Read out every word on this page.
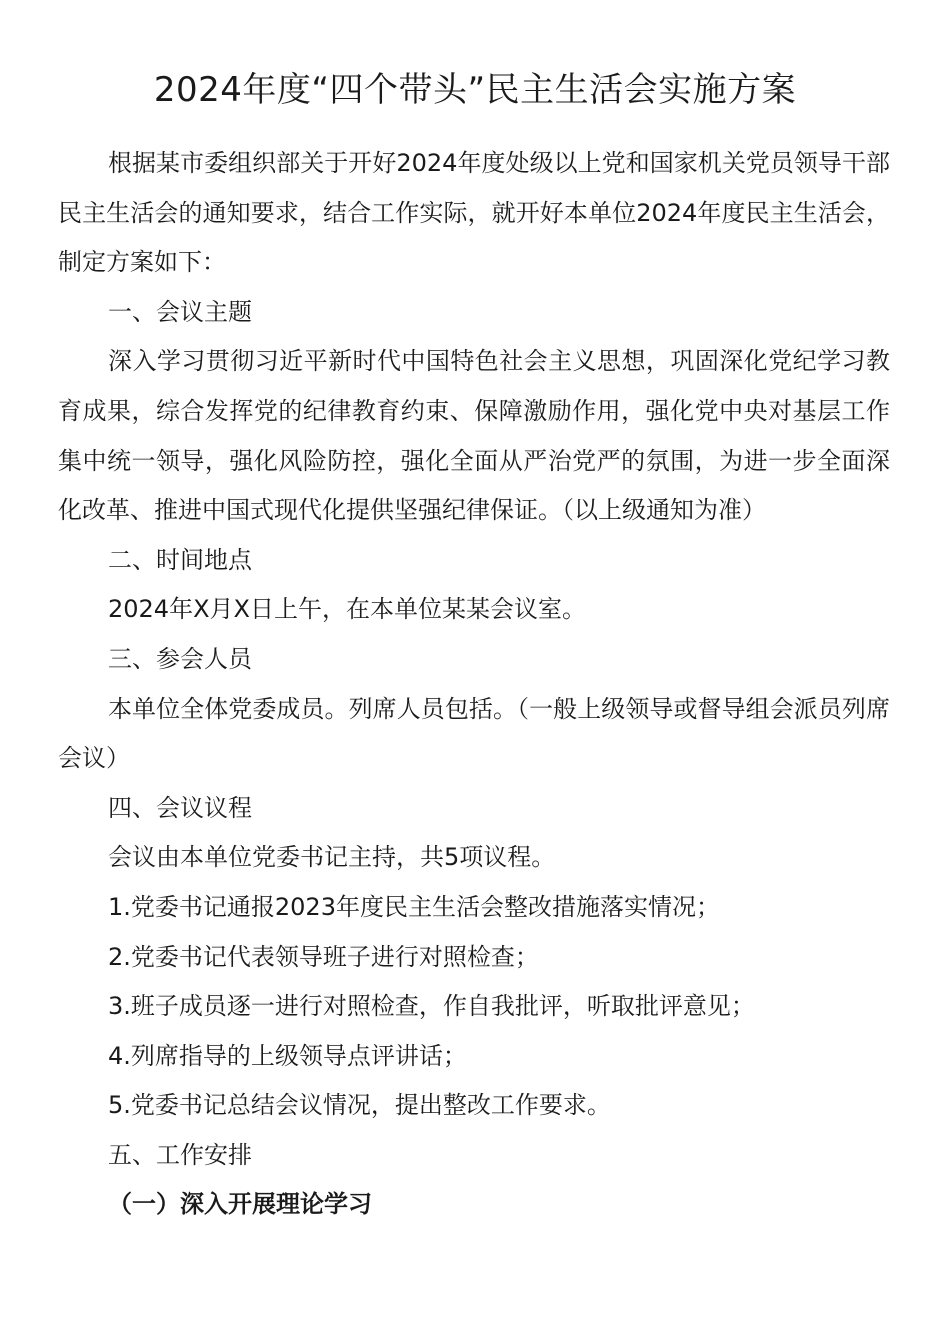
2024年度“四个带头”民主生活会实施方案

根据某市委组织部关于开好2024年度处级以上党和国家机关党员领导干部民主生活会的通知要求，结合工作实际，就开好本单位2024年度民主生活会，制定方案如下：

一、会议主题

深入学习贯彻习近平新时代中国特色社会主义思想，巩固深化党纪学习教育成果，综合发挥党的纪律教育约束、保障激励作用，强化党中央对基层工作集中统一领导，强化风险防控，强化全面从严治党严的氛围，为进一步全面深化改革、推进中国式现代化提供坚强纪律保证。（以上级通知为准）

二、时间地点

2024年X月X日上午，在本单位某某会议室。

三、参会人员

本单位全体党委成员。列席人员包括。（一般上级领导或督导组会派员列席会议）

四、会议议程

会议由本单位党委书记主持，共5项议程。

1.党委书记通报2023年度民主生活会整改措施落实情况；

2.党委书记代表领导班子进行对照检查；

3.班子成员逐一进行对照检查，作自我批评，听取批评意见；

4.列席指导的上级领导点评讲话；

5.党委书记总结会议情况，提出整改工作要求。

五、工作安排

（一）深入开展理论学习
